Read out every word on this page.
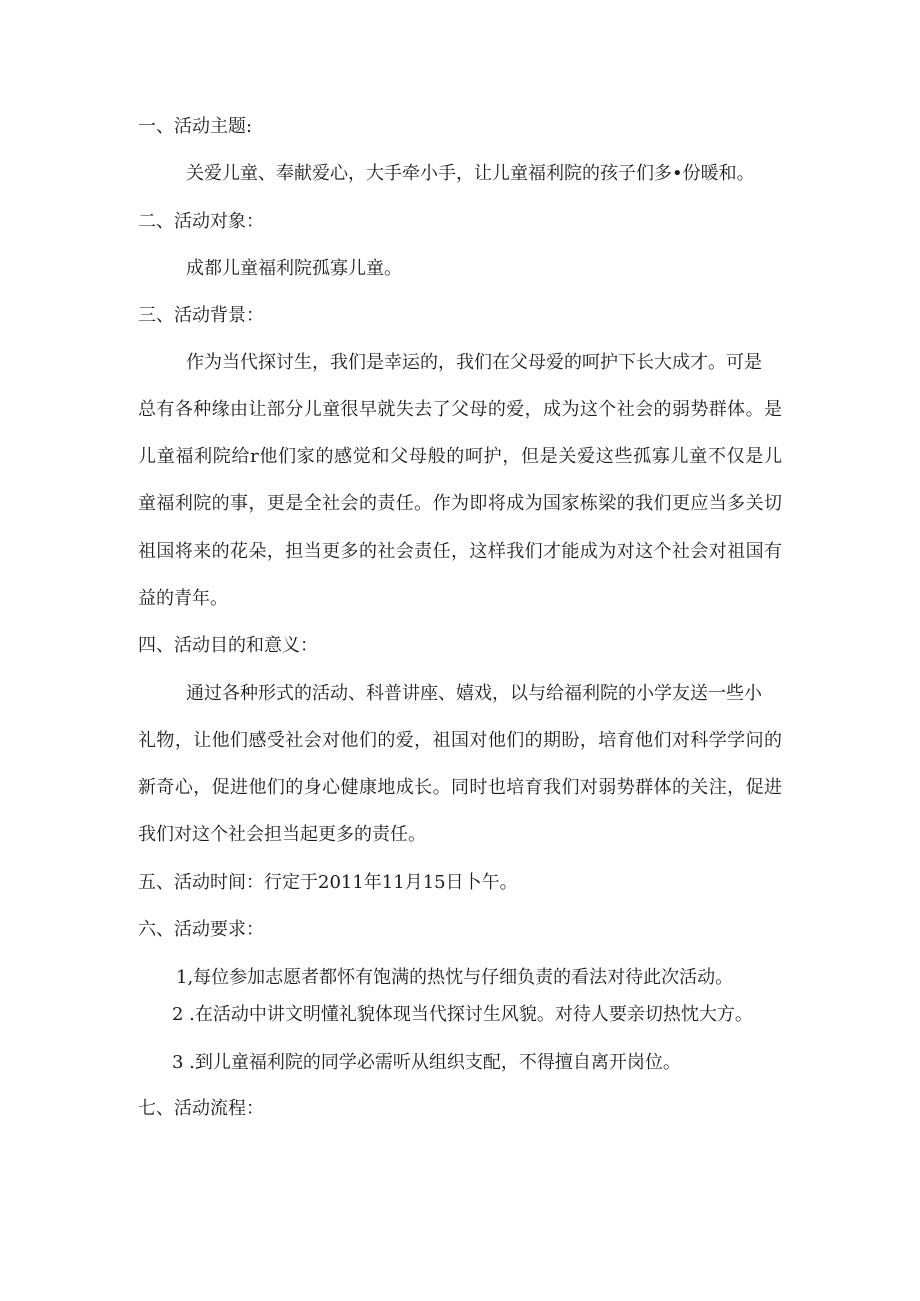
一、活动主题:
关爱儿童、奉献爱心，大手牵小手，让儿童福利院的孩子们多•份暖和。
二、活动对象：
成都儿童福利院孤寡儿童。
三、活动背景：
作为当代探讨生，我们是幸运的，我们在父母爱的呵护下长大成才。可是
总有各种缘由让部分儿童很早就失去了父母的爱，成为这个社会的弱势群体。是
儿童福利院给r他们家的感觉和父母般的呵护，但是关爱这些孤寡儿童不仅是儿
童福利院的事，更是全社会的责任。作为即将成为国家栋梁的我们更应当多关切
祖国将来的花朵，担当更多的社会责任，这样我们才能成为对这个社会对祖国有
益的青年。
四、活动目的和意义：
通过各种形式的活动、科普讲座、嬉戏，以与给福利院的小学友送一些小
礼物，让他们感受社会对他们的爱，祖国对他们的期盼，培育他们对科学学问的
新奇心，促进他们的身心健康地成长。同时也培育我们对弱势群体的关注，促进
我们对这个社会担当起更多的责任。
五、活动时间：行定于2011年11月15日卜午。
六、活动要求：
1,每位参加志愿者都怀有饱满的热忱与仔细负责的看法对待此次活动。
2 .在活动中讲文明懂礼貌体现当代探讨生风貌。对待人要亲切热忱大方。
3 .到儿童福利院的同学必需听从组织支配，不得擅自离开岗位。
七、活动流程：
